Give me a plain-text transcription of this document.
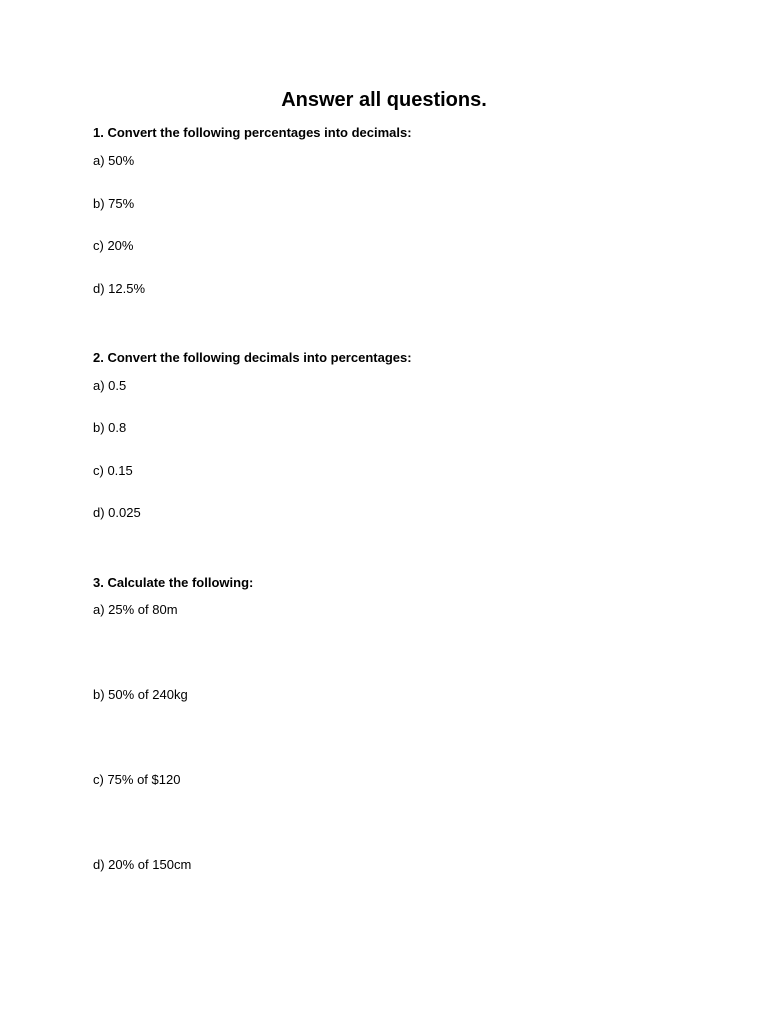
Answer all questions.

1. Convert the following percentages into decimals:

a) 50%

b) 75%

c) 20%

d) 12.5%

2. Convert the following decimals into percentages:

a) 0.5

b) 0.8

c) 0.15

d) 0.025

3. Calculate the following:

a) 25% of 80m

b) 50% of 240kg

c) 75% of $120

d) 20% of 150cm
